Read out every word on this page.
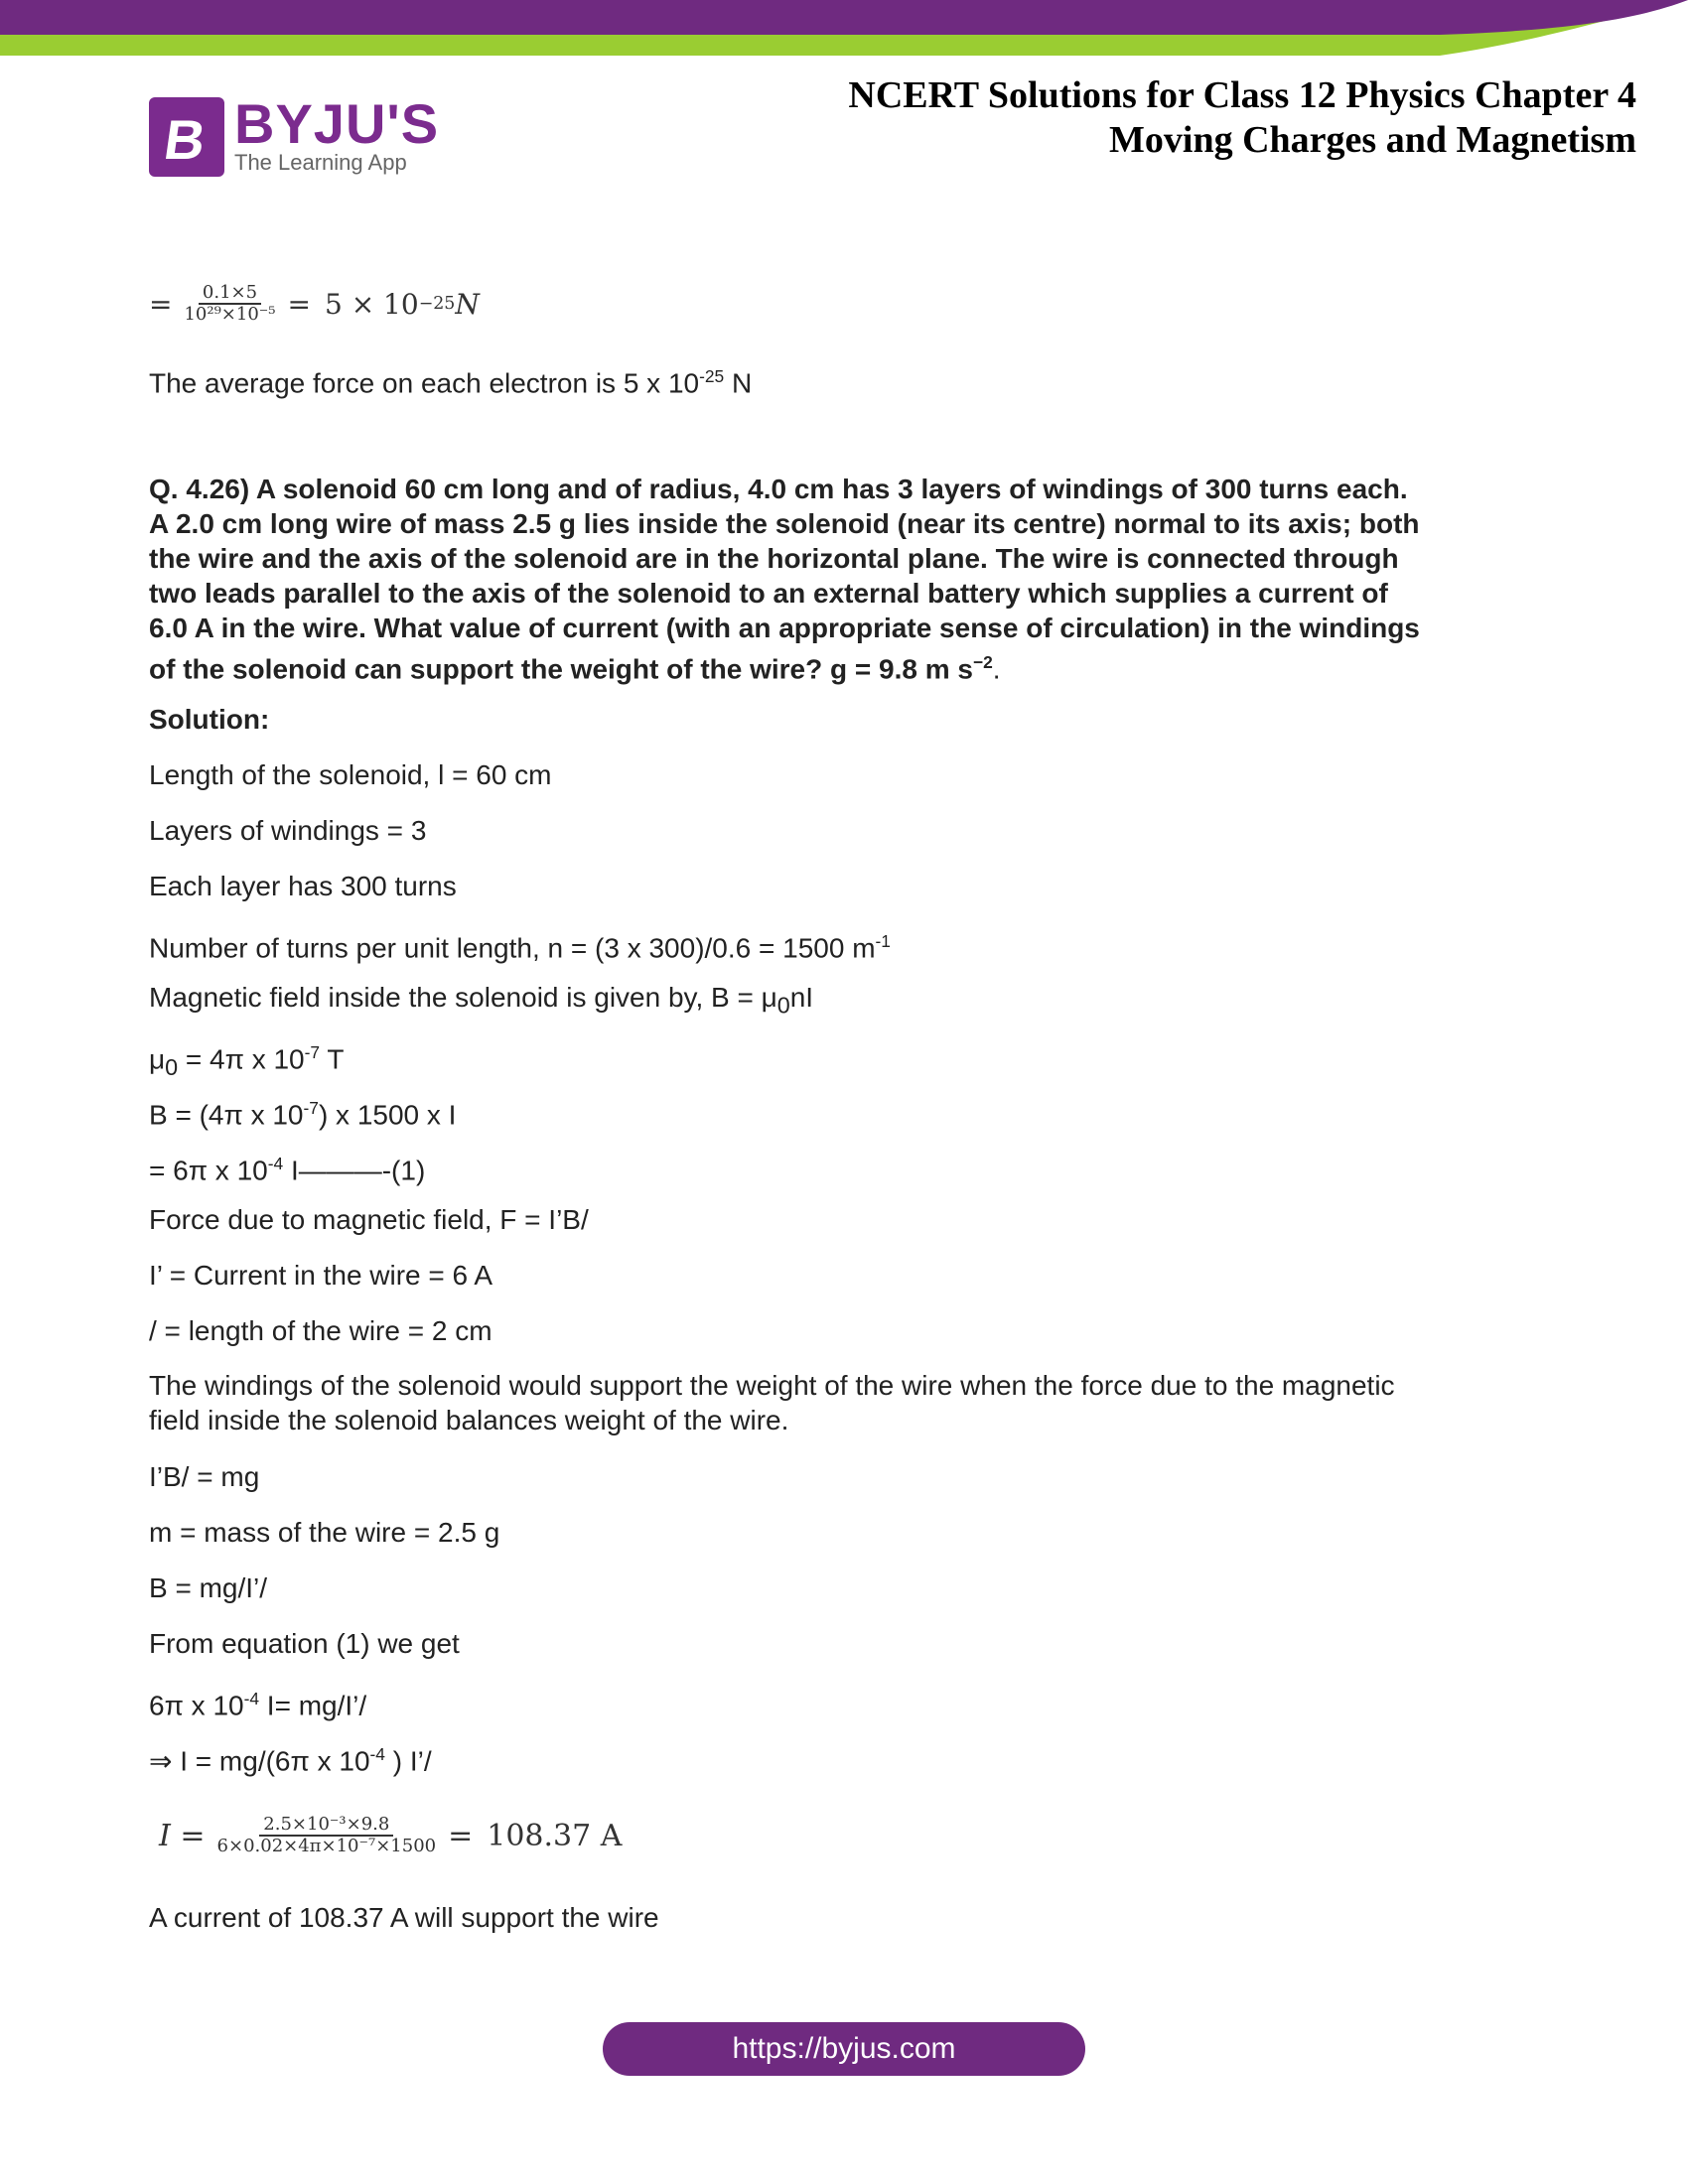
B BYJU'S
The Learning App
NCERT Solutions for Class 12 Physics Chapter 4
Moving Charges and Magnetism
= $\frac{0.1\times 5}{\text{10²⁹×10⁻⁵}} = 5 \times 10 -25$ N
The average force on each electron is 5 x $10^{-25}$ N
Q. 4.26) A solenoid 60 cm long and of radius, 4.0 cm has 3 layers of windings of 300 turns each.
A 2.0 cm long wire of mass 2.5 g lies inside the solenoid (near its centre) normal to its axis; both
the wire and the axis of the solenoid are in the horizontal plane. The wire is connected through
two leads parallel to the axis of the solenoid to an external battery which supplies a current of
6.0 A in the wire. What value of current (with an appropriate sense of circulation) in the windings
of the solenoid can support the weight of the wire? g = 9.8 m $s^{-2}$.
Solution:
Length of the solenoid, l = 60 cm
Layers of windings = 3
Each layer has 300 turns
Number of turns per unit length, n = (3 x 300)/0.6 = 1500 $m^{-1}$
Magnetic field inside the solenoid is given by, $B = \mu_0nI$
$\mu_0 = 4\pi$ x $10^{-7}$ T
B = (4π x $10^{-7}$) x 1500 x I
= 6π x $10^{-4}$ I———-(1)
Force due to magnetic field, F = I’B/
I’ = Current in the wire = 6 A
/ = length of the wire = 2 cm
The windings of the solenoid would support the weight of the wire when the force due to the magnetic
field inside the solenoid balances weight of the wire.
I’B/ = mg
m = mass of the wire = 2.5 g
B = mg/I’/
From equation (1) we get
6π x $10^{-4}$ I= mg/I’/
⇒ I = mg/(6π x $10^{-4}$ ) I’/
$I = \frac{\text{2.5×10⁻³×9.8}}{\text{6×0.02×4π×10⁻⁷×1500}} = 108.37$ A
A current of 108.37 A will support the wire
https://byjus.com
